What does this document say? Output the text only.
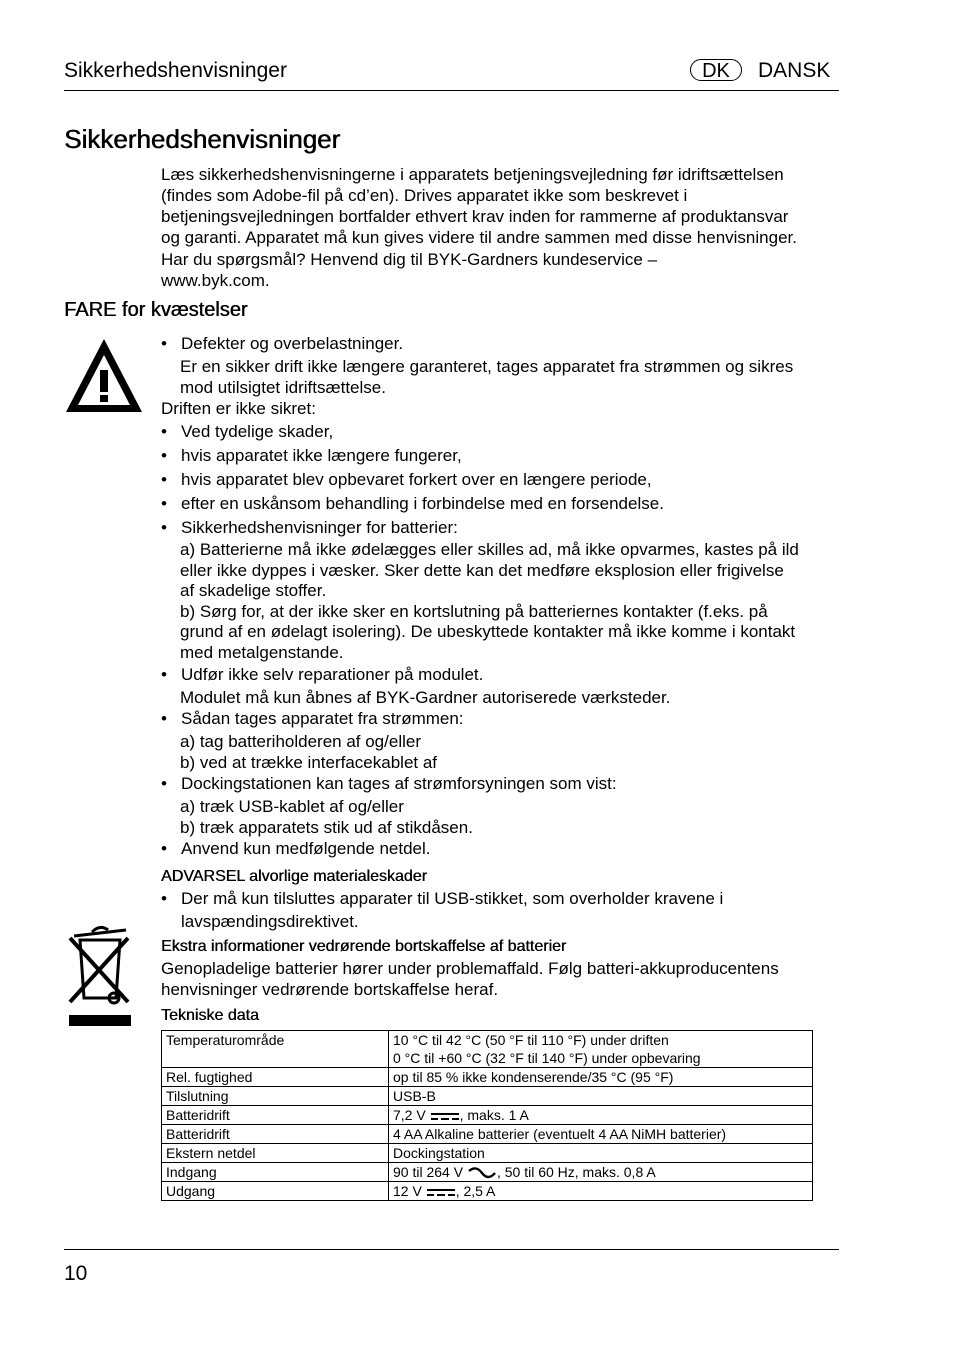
Sikkerhedshenvisninger	DK	DANSK
Sikkerhedshenvisninger
Læs sikkerhedshenvisningerne i apparatets betjeningsvejledning før idriftsættelsen
(findes som Adobe-fil på cd’en). Drives apparatet ikke som beskrevet i
betjeningsvejledningen bortfalder ethvert krav inden for rammerne af produktansvar
og garanti. Apparatet må kun gives videre til andre sammen med disse henvisninger.
Har du spørgsmål? Henvend dig til BYK-Gardners kundeservice –
www.byk.com.
FARE for kvæstelser
• Defekter og overbelastninger.
Er en sikker drift ikke længere garanteret, tages apparatet fra strømmen og sikres
mod utilsigtet idriftsættelse.
Driften er ikke sikret:
• Ved tydelige skader,
• hvis apparatet ikke længere fungerer,
• hvis apparatet blev opbevaret forkert over en længere periode,
• efter en uskånsom behandling i forbindelse med en forsendelse.
• Sikkerhedshenvisninger for batterier:
a) Batterierne må ikke ødelægges eller skilles ad, må ikke opvarmes, kastes på ild
eller ikke dyppes i væsker. Sker dette kan det medføre eksplosion eller frigivelse
af skadelige stoffer.
b) Sørg for, at der ikke sker en kortslutning på batteriernes kontakter (f.eks. på
grund af en ødelagt isolering). De ubeskyttede kontakter må ikke komme i kontakt
med metalgenstande.
• Udfør ikke selv reparationer på modulet.
Modulet må kun åbnes af BYK-Gardner autoriserede værksteder.
• Sådan tages apparatet fra strømmen:
a) tag batteriholderen af og/eller
b) ved at trække interfacekablet af
• Dockingstationen kan tages af strømforsyningen som vist:
a) træk USB-kablet af og/eller
b) træk apparatets stik ud af stikdåsen.
• Anvend kun medfølgende netdel.
ADVARSEL alvorlige materialeskader
• Der må kun tilsluttes apparater til USB-stikket, som overholder kravene i
lavspændingsdirektivet.
Ekstra informationer vedrørende bortskaffelse af batterier
Genopladelige batterier hører under problemaffald. Følg batteri-akkuproducentens
henvisninger vedrørende bortskaffelse heraf.
Tekniske data
Temperaturområde	10 °C til 42 °C (50 °F til 110 °F) under driften
0 °C til +60 °C (32 °F til 140 °F) under opbevaring

Rel. fugtighed	op til 85 % ikke kondenserende/35 °C (95 °F)
Tilslutning	USB-B
Batteridrift	7,2 V , maks. 1 A
Batteridrift	4 AA Alkaline batterier (eventuelt 4 AA NiMH batterier)
Ekstern netdel	Dockingstation
Indgang	90 til 264 V , 50 til 60 Hz, maks. 0,8 A
Udgang	12 V , 2,5 A
10
